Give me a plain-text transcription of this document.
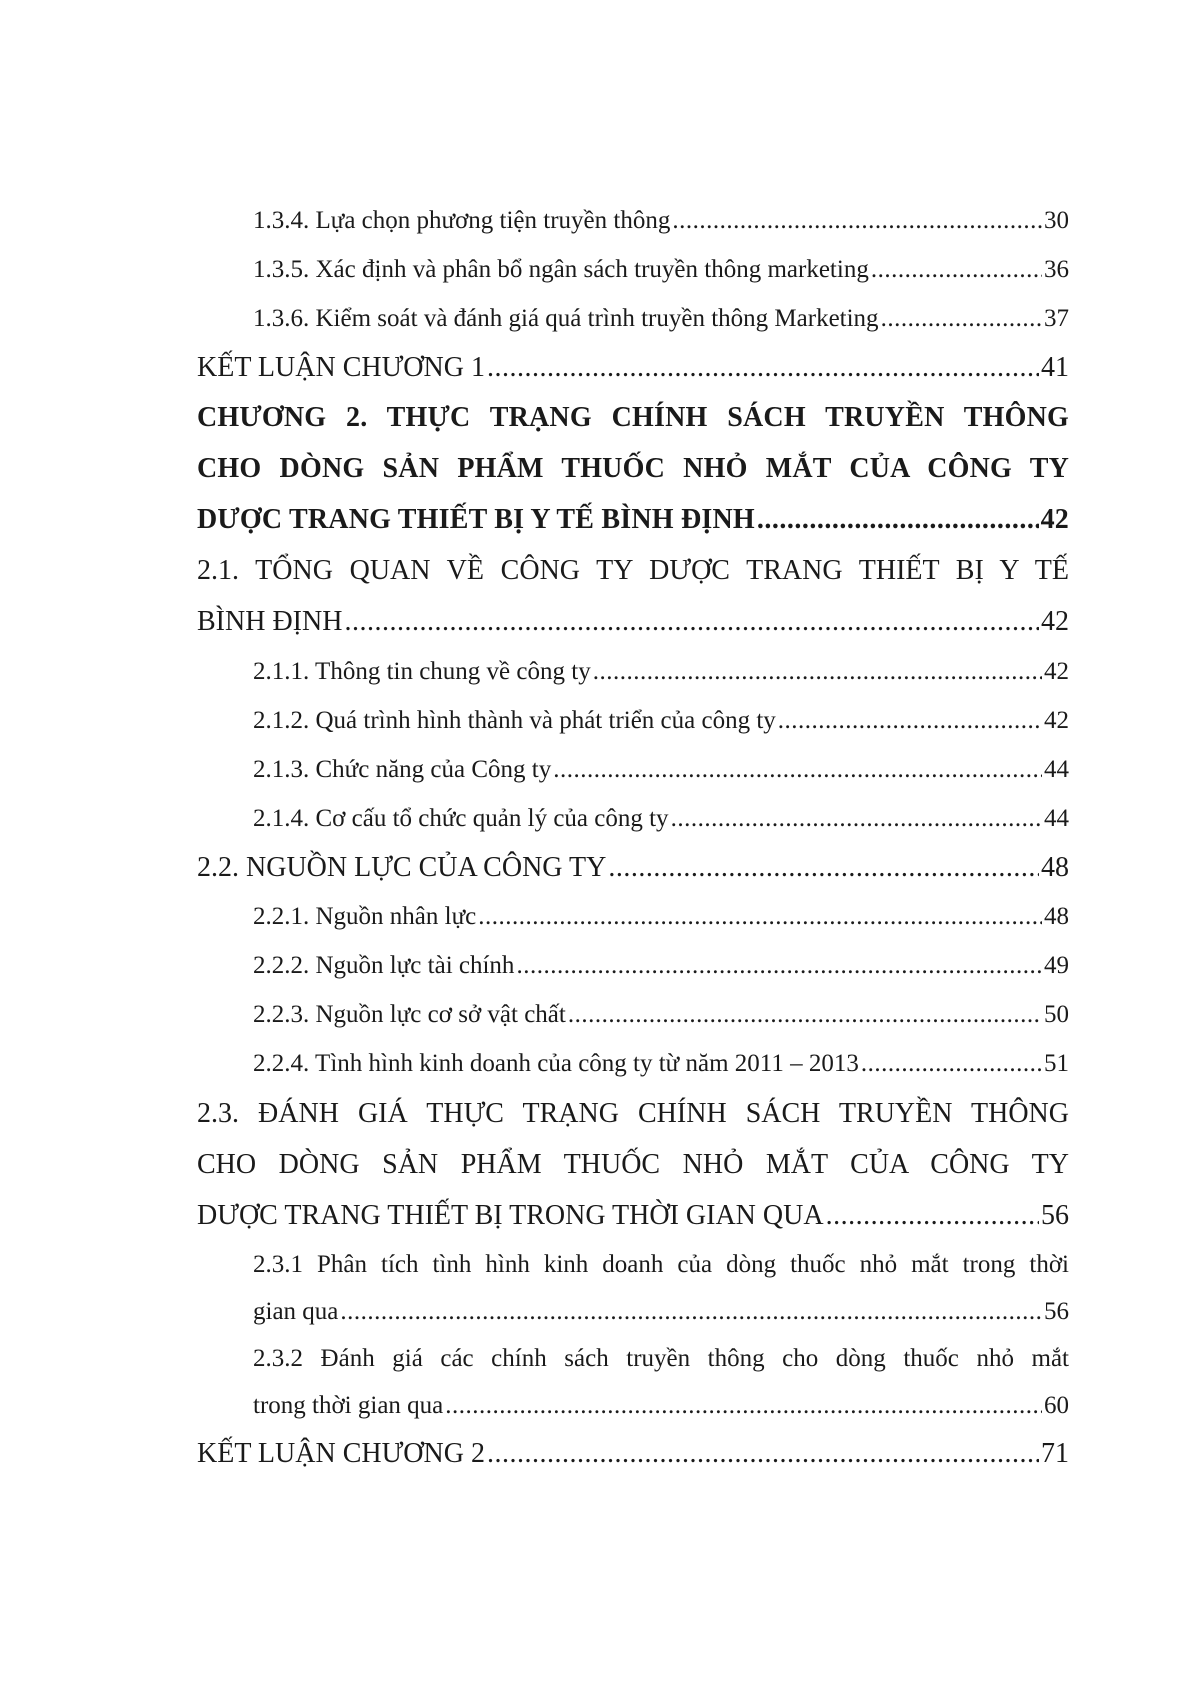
1.3.4. Lựa chọn phương tiện truyền thông .....	30
1.3.5. Xác định và phân bổ ngân sách truyền thông marketing .....	36
1.3.6. Kiểm soát và đánh giá quá trình truyền thông Marketing .....	37
KẾT LUẬN CHƯƠNG 1 .....	41
CHƯƠNG 2. THỰC TRẠNG CHÍNH SÁCH TRUYỀN THÔNG
CHO DÒNG SẢN PHẨM THUỐC NHỎ MẮT CỦA CÔNG TY
DƯỢC TRANG THIẾT BỊ Y TẾ BÌNH ĐỊNH .....	42
2.1. TỔNG QUAN VỀ CÔNG TY DƯỢC TRANG THIẾT BỊ Y TẾ
BÌNH ĐỊNH .....	42
2.1.1. Thông tin chung về công ty .....	42
2.1.2. Quá trình hình thành và phát triển của công ty .....	42
2.1.3. Chức năng của Công ty .....	44
2.1.4. Cơ cấu tổ chức quản lý của công ty .....	44
2.2. NGUỒN LỰC CỦA CÔNG TY .....	48
2.2.1. Nguồn nhân lực .....	48
2.2.2. Nguồn lực tài chính .....	49
2.2.3. Nguồn lực cơ sở vật chất .....	50
2.2.4. Tình hình kinh doanh của công ty từ năm 2011 – 2013 .....	51
2.3. ĐÁNH GIÁ THỰC TRẠNG CHÍNH SÁCH TRUYỀN THÔNG
CHO DÒNG SẢN PHẨM THUỐC NHỎ MẮT CỦA CÔNG TY
DƯỢC TRANG THIẾT BỊ TRONG THỜI GIAN QUA .....	56
2.3.1 Phân tích tình hình kinh doanh của dòng thuốc nhỏ mắt trong thời
gian qua .....	56
2.3.2 Đánh giá các chính sách truyền thông cho dòng thuốc nhỏ mắt
trong thời gian qua .....	60
KẾT LUẬN CHƯƠNG 2 .....	71
